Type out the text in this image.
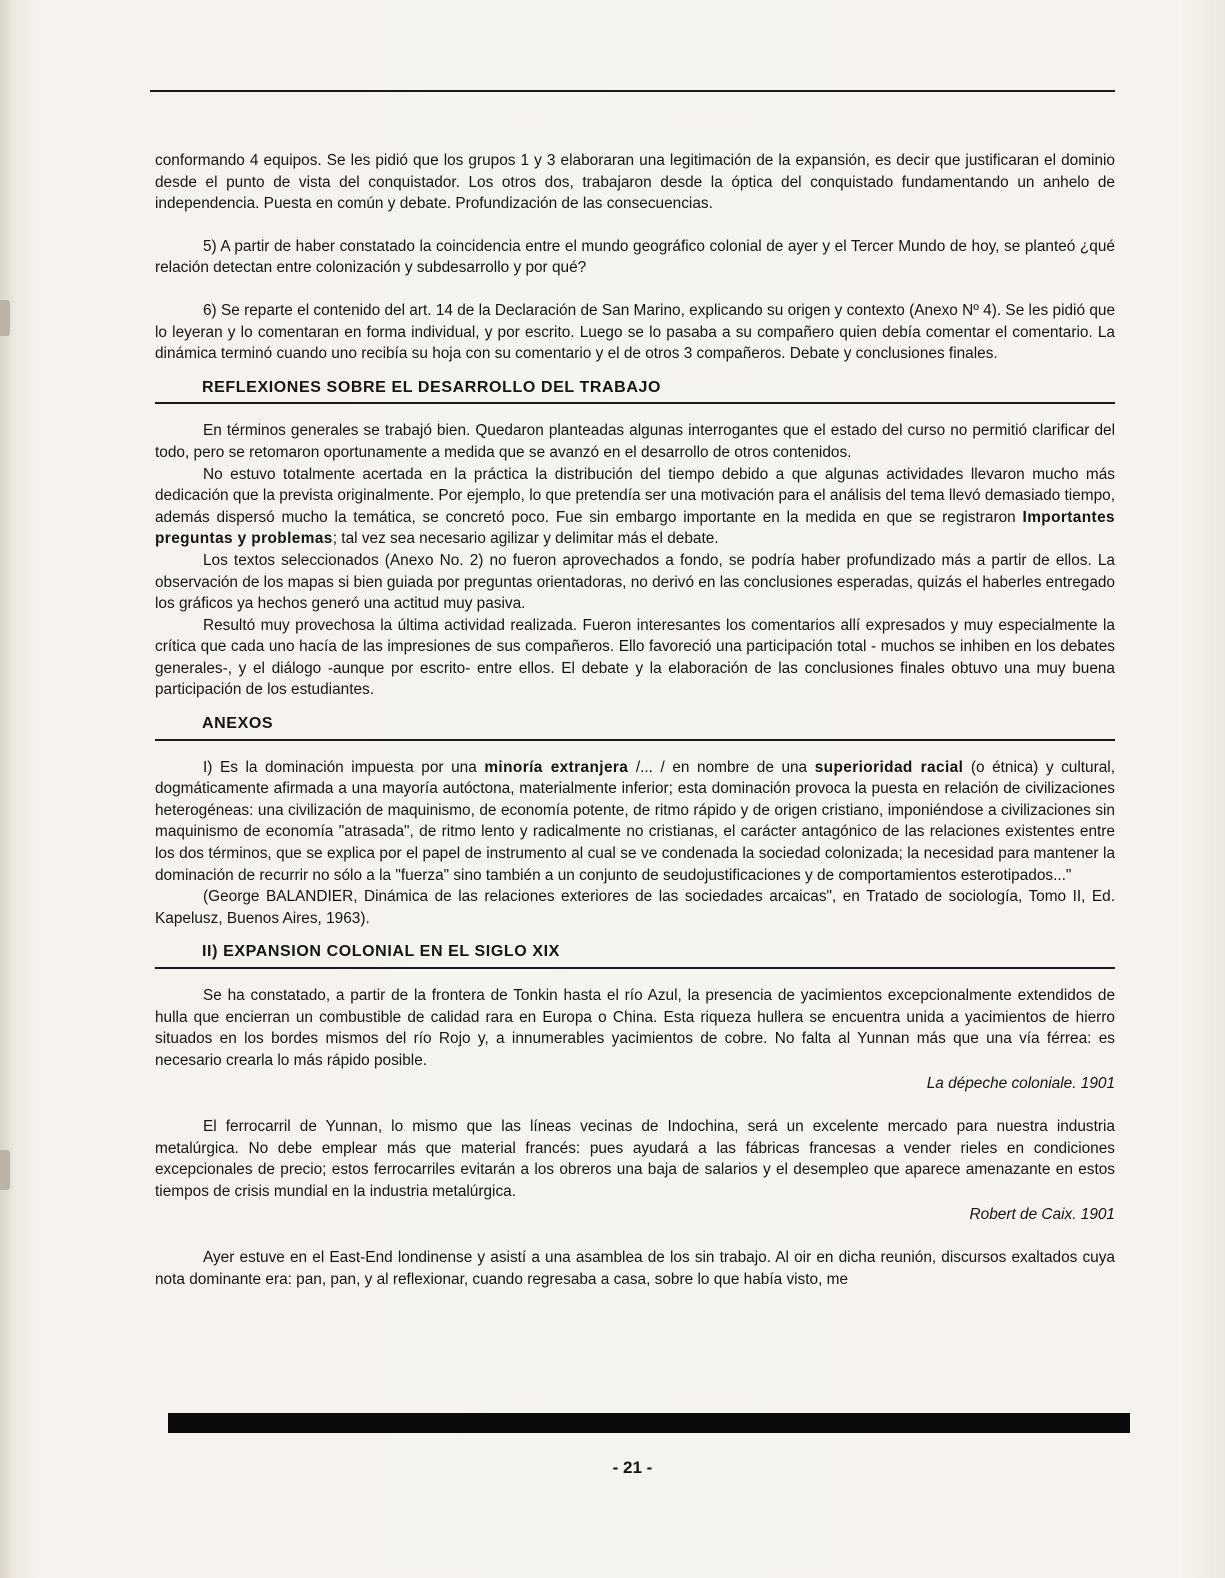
conformando 4 equipos. Se les pidió que los grupos 1 y 3 elaboraran una legitimación de la expansión, es decir que justificaran el dominio desde el punto de vista del conquistador. Los otros dos, trabajaron desde la óptica del conquistado fundamentando un anhelo de independencia. Puesta en común y debate. Profundización de las consecuencias.

5) A partir de haber constatado la coincidencia entre el mundo geográfico colonial de ayer y el Tercer Mundo de hoy, se planteó ¿qué relación detectan entre colonización y subdesarrollo y por qué?

6) Se reparte el contenido del art. 14 de la Declaración de San Marino, explicando su origen y contexto (Anexo Nº 4). Se les pidió que lo leyeran y lo comentaran en forma individual, y por escrito. Luego se lo pasaba a su compañero quien debía comentar el comentario. La dinámica terminó cuando uno recibía su hoja con su comentario y el de otros 3 compañeros. Debate y conclusiones finales.

REFLEXIONES SOBRE EL DESARROLLO DEL TRABAJO

En términos generales se trabajó bien. Quedaron planteadas algunas interrogantes que el estado del curso no permitió clarificar del todo, pero se retomaron oportunamente a medida que se avanzó en el desarrollo de otros contenidos.

No estuvo totalmente acertada en la práctica la distribución del tiempo debido a que algunas actividades llevaron mucho más dedicación que la prevista originalmente. Por ejemplo, lo que pretendía ser una motivación para el análisis del tema llevó demasiado tiempo, además dispersó mucho la temática, se concretó poco. Fue sin embargo importante en la medida en que se registraron Importantes preguntas y problemas; tal vez sea necesario agilizar y delimitar más el debate.

Los textos seleccionados (Anexo No. 2) no fueron aprovechados a fondo, se podría haber profundizado más a partir de ellos. La observación de los mapas si bien guiada por preguntas orientadoras, no derivó en las conclusiones esperadas, quizás el haberles entregado los gráficos ya hechos generó una actitud muy pasiva.

Resultó muy provechosa la última actividad realizada. Fueron interesantes los comentarios allí expresados y muy especialmente la crítica que cada uno hacía de las impresiones de sus compañeros. Ello favoreció una participación total - muchos se inhiben en los debates generales-, y el diálogo -aunque por escrito- entre ellos. El debate y la elaboración de las conclusiones finales obtuvo una muy buena participación de los estudiantes.

ANEXOS

I) Es la dominación impuesta por una minoría extranjera /... / en nombre de una superioridad racial (o étnica) y cultural, dogmáticamente afirmada a una mayoría autóctona, materialmente inferior; esta dominación provoca la puesta en relación de civilizaciones heterogéneas: una civilización de maquinismo, de economía potente, de ritmo rápido y de origen cristiano, imponiéndose a civilizaciones sin maquinismo de economía "atrasada", de ritmo lento y radicalmente no cristianas, el carácter antagónico de las relaciones existentes entre los dos términos, que se explica por el papel de instrumento al cual se ve condenada la sociedad colonizada; la necesidad para mantener la dominación de recurrir no sólo a la "fuerza" sino también a un conjunto de seudojustificaciones y de comportamientos esterotipados..."

(George BALANDIER, Dinámica de las relaciones exteriores de las sociedades arcaicas", en Tratado de sociología, Tomo II, Ed. Kapelusz, Buenos Aires, 1963).

II) EXPANSION COLONIAL EN EL SIGLO XIX

Se ha constatado, a partir de la frontera de Tonkin hasta el río Azul, la presencia de yacimientos excepcionalmente extendidos de hulla que encierran un combustible de calidad rara en Europa o China. Esta riqueza hullera se encuentra unida a yacimientos de hierro situados en los bordes mismos del río Rojo y, a innumerables yacimientos de cobre. No falta al Yunnan más que una vía férrea: es necesario crearla lo más rápido posible.

La dépeche coloniale. 1901

El ferrocarril de Yunnan, lo mismo que las líneas vecinas de Indochina, será un excelente mercado para nuestra industria metalúrgica. No debe emplear más que material francés: pues ayudará a las fábricas francesas a vender rieles en condiciones excepcionales de precio; estos ferrocarriles evitarán a los obreros una baja de salarios y el desempleo que aparece amenazante en estos tiempos de crisis mundial en la industria metalúrgica.

Robert de Caix. 1901

Ayer estuve en el East-End londinense y asistí a una asamblea de los sin trabajo. Al oir en dicha reunión, discursos exaltados cuya nota dominante era: pan, pan, y al reflexionar, cuando regresaba a casa, sobre lo que había visto, me

- 21 -
